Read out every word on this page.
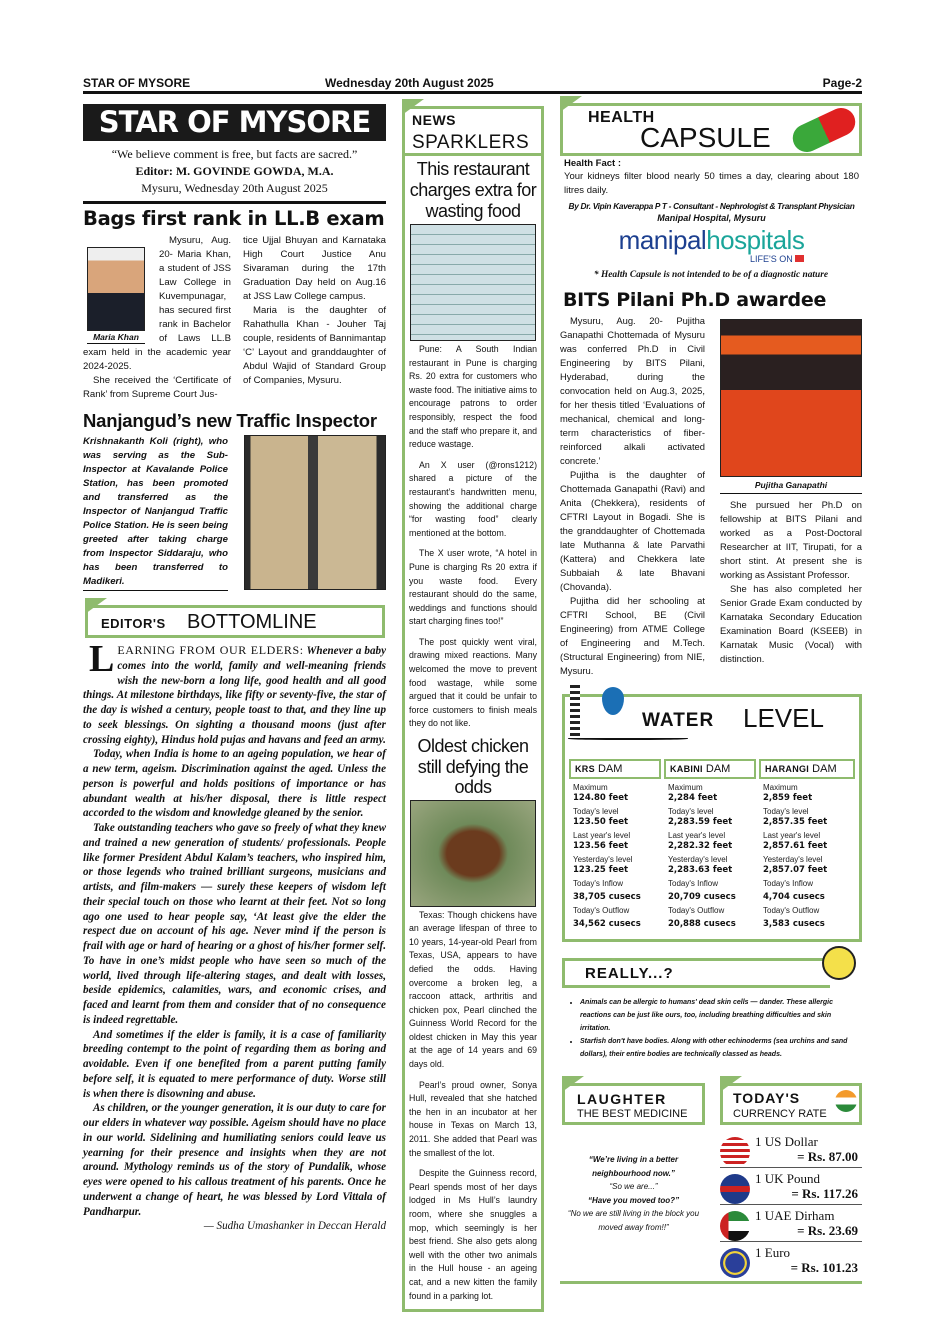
STAR OF MYSORE	Wednesday 20th August 2025	Page-2
STAR OF MYSORE
“We believe comment is free, but facts are sacred.”
Editor: M. GOVINDE GOWDA, M.A.
Mysuru, Wednesday 20th August 2025
Bags first rank in LL.B exam
Maria Khan

Mysuru, Aug. 20- Maria Khan, a student of JSS Law College in Kuvempunagar, has secured first rank in Bachelor of Laws LL.B exam held in the academic year 2024-2025.

She received the ‘Certificate of Rank’ from Supreme Court Jus-

tice Ujjal Bhuyan and Karnataka High Court Justice Anu Sivaraman during the 17th Graduation Day held on Aug.16 at JSS Law College campus.

Maria is the daughter of Rahathulla Khan - Jouher Taj couple, residents of Bannimantap ‘C’ Layout and granddaughter of Abdul Wajid of Standard Group of Companies, Mysuru.

Nanjangud’s new Traffic Inspector
Krishnakanth Koli (right), who was serving as the Sub-Inspector at Kavalande Police Station, has been promoted and transferred as the Inspector of Nanjangud Traffic Police Station. He is seen being greeted after taking charge from Inspector Siddaraju, who has been transferred to Madikeri.
EDITOR'S BOTTOMLINE

LEARNING FROM OUR ELDERS: Whenever a baby comes into the world, family and well-meaning friends wish the new-born a long life, good health and all good things. At milestone birthdays, like fifty or seventy-five, the star of the day is wished a century, people toast to that, and they line up to seek blessings. On sighting a thousand moons (just after crossing eighty), Hindus hold pujas and havans and feed an army.

Today, when India is home to an ageing population, we hear of a new term, ageism. Discrimination against the aged. Unless the person is powerful and holds positions of importance or has abundant wealth at his/her disposal, there is little respect accorded to the wisdom and knowledge gleaned by the senior.

Take outstanding teachers who gave so freely of what they knew and trained a new generation of students/ professionals. People like former President Abdul Kalam’s teachers, who inspired him, or those legends who trained brilliant surgeons, musicians and artists, and film-makers — surely these keepers of wisdom left their special touch on those who learnt at their feet. Not so long ago one used to hear people say, ‘At least give the elder the respect due on account of his age. Never mind if the person is frail with age or hard of hearing or a ghost of his/her former self. To have in one’s midst people who have seen so much of the world, lived through life-altering stages, and dealt with losses, beside epidemics, calamities, wars, and economic crises, and faced and learnt from them and consider that of no consequence is indeed regrettable.

And sometimes if the elder is family, it is a case of familiarity breeding contempt to the point of regarding them as boring and avoidable. Even if one benefited from a parent putting family before self, it is equated to mere performance of duty. Worse still is when there is disowning and abuse.

As children, or the younger generation, it is our duty to care for our elders in whatever way possible. Ageism should have no place in our world. Sidelining and humiliating seniors could leave us yearning for their presence and insights when they are not around. Mythology reminds us of the story of Pundalik, whose eyes were opened to his callous treatment of his parents. Once he underwent a change of heart, he was blessed by Lord Vittala of Pandharpur.

— Sudha Umashanker in Deccan Herald

NEWS
SPARKLERS
This restaurant charges extra for wasting food

Pune: A South Indian restaurant in Pune is charging Rs. 20 extra for customers who waste food. The initiative aims to encourage patrons to order responsibly, respect the food and the staff who prepare it, and reduce wastage.

An X user (@rons1212) shared a picture of the restaurant’s handwritten menu, showing the additional charge “for wasting food” clearly mentioned at the bottom.

The X user wrote, “A hotel in Pune is charging Rs 20 extra if you waste food. Every restaurant should do the same, weddings and functions should start charging fines too!”

The post quickly went viral, drawing mixed reactions. Many welcomed the move to prevent food wastage, while some argued that it could be unfair to force customers to finish meals they do not like.

Oldest chicken still defying the odds

Texas: Though chickens have an average lifespan of three to 10 years, 14-year-old Pearl from Texas, USA, appears to have defied the odds. Having overcome a broken leg, a raccoon attack, arthritis and chicken pox, Pearl clinched the Guinness World Record for the oldest chicken in May this year at the age of 14 years and 69 days old.

Pearl’s proud owner, Sonya Hull, revealed that she hatched the hen in an incubator at her house in Texas on March 13, 2011. She added that Pearl was the smallest of the lot.

Despite the Guinness record, Pearl spends most of her days lodged in Ms Hull’s laundry room, where she snuggles a mop, which seemingly is her best friend. She also gets along well with the other two animals in the Hull house - an ageing cat, and a new kitten the family found in a parking lot.

HEALTH
CAPSULE
Health Fact :
Your kidneys filter blood nearly 50 times a day, clearing about 180 litres daily.
By Dr. Vipin Kaverappa P T - Consultant - Nephrologist & Transplant Physician
Manipal Hospital, Mysuru
manipalhospitals
LIFE'S ON
* Health Capsule is not intended to be of a diagnostic nature
BITS Pilani Ph.D awardee

Mysuru, Aug. 20- Pujitha Ganapathi Chottemada of Mysuru was conferred Ph.D in Civil Engineering by BITS Pilani, Hyderabad, during the convocation held on Aug.3, 2025, for her thesis titled ‘Evaluations of mechanical, chemical and long-term characteristics of fiber-reinforced alkali activated concrete.’

Pujitha is the daughter of Chottemada Ganapathi (Ravi) and Anita (Chekkera), residents of CFTRI Layout in Bogadi. She is the granddaughter of Chottemada late Muthanna & late Parvathi (Kattera) and Chekkera late Subbaiah & late Bhavani (Chovanda).

Pujitha did her schooling at CFTRI School, BE (Civil Engineering) from ATME College of Engineering and M.Tech. (Structural Engineering) from NIE, Mysuru.

Pujitha Ganapathi

She pursued her Ph.D on fellowship at BITS Pilani and worked as a Post-Doctoral Researcher at IIT, Tirupati, for a short stint. At present she is working as Assistant Professor.

She has also completed her Senior Grade Exam conducted by Karnataka Secondary Education Examination Board (KSEEB) in Karnatak Music (Vocal) with distinction.

WATER LEVEL
KRS DAM
Maximum
124.80 feet
Today's level
123.50 feet
Last year's level
123.56 feet
Yesterday's level
123.25 feet
Today's Inflow
38,705 cusecs
Today's Outflow
34,562 cusecs
KABINI DAM
Maximum
2,284 feet
Today's level
2,283.59 feet
Last year's level
2,282.32 feet
Yesterday's level
2,283.63 feet
Today's Inflow
20,709 cusecs
Today's Outflow
20,888 cusecs
HARANGI DAM
Maximum
2,859 feet
Today's level
2,857.35 feet
Last year's level
2,857.61 feet
Yesterday's level
2,857.07 feet
Today's Inflow
4,704 cusecs
Today's Outflow
3,583 cusecs
REALLY...?
• Animals can be allergic to humans' dead skin cells — dander. These allergic reactions can be just like ours, too, including breathing difficulties and skin irritation.
• Starfish don't have bodies. Along with other echinoderms (sea urchins and sand dollars), their entire bodies are technically classed as heads.
LAUGHTER
THE BEST MEDICINE
“We’re living in a better neighbourhood now.”
“So we are...”
“Have you moved too?”
“No we are still living in the block you moved away from!!”
TODAY'S
CURRENCY RATE
1 US Dollar
= Rs. 87.00
1 UK Pound
= Rs. 117.26
1 UAE Dirham
= Rs. 23.69
1 Euro
= Rs. 101.23
